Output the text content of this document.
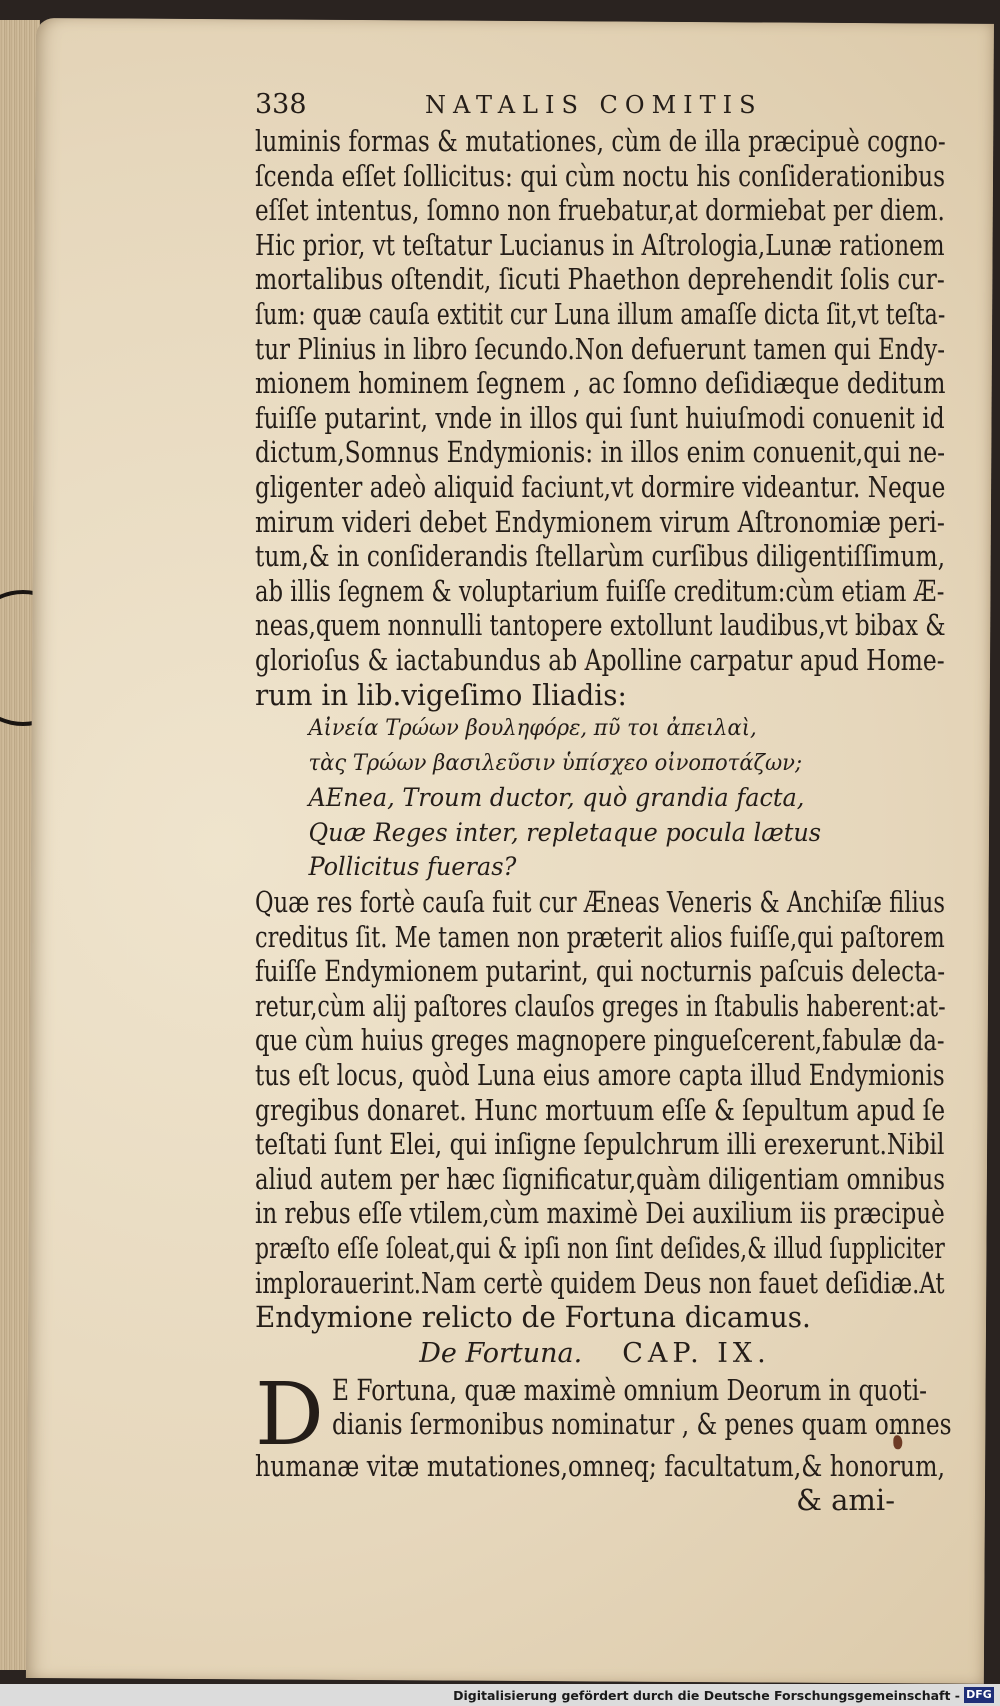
338	NATALIS COMITIS
luminis formas & mutationes, cùm de illa præcipuè cogno-
ſcenda eſſet ſollicitus: qui cùm noctu his conſiderationibus
eſſet intentus, ſomno non fruebatur,at dormiebat per diem.
Hic prior, vt teſtatur Lucianus in Aſtrologia,Lunæ rationem
mortalibus oſtendit, ſicuti Phaethon deprehendit ſolis cur-
ſum: quæ cauſa extitit cur Luna illum amaſſe dicta ſit,vt teſta-
tur Plinius in libro ſecundo.Non defuerunt tamen qui Endy-
mionem hominem ſegnem , ac ſomno deſidiæque deditum
fuiſſe putarint, vnde in illos qui ſunt huiuſmodi conuenit id
dictum,Somnus Endymionis: in illos enim conuenit,qui ne-
gligenter adeò aliquid faciunt,vt dormire videantur. Neque
mirum videri debet Endymionem virum Aſtronomiæ peri-
tum,& in conſiderandis ſtellarùm curſibus diligentiſſimum,
ab illis ſegnem & voluptarium fuiſſe creditum:cùm etiam Æ-
neas,quem nonnulli tantopere extollunt laudibus,vt bibax &
glorioſus & iactabundus ab Apolline carpatur apud Home-
rum in lib.vigeſimo Iliadis:
Αἰνεία Τρώων βουληφόρε, πῦ τοι ἀπειλαὶ,
τὰς Τρώων βασιλεῦσιν ὑπίσχεο οἰνοποτάζων;
AEnea, Troum ductor, quò grandia facta,
Quæ Reges inter, repletaque pocula lætus
Pollicitus fueras?
Quæ res fortè cauſa fuit cur Æneas Veneris & Anchiſæ filius
creditus ſit. Me tamen non præterit alios fuiſſe,qui paſtorem
fuiſſe Endymionem putarint, qui nocturnis paſcuis delecta-
retur,cùm alij paſtores clauſos greges in ſtabulis haberent:at-
que cùm huius greges magnopere pingueſcerent,fabulæ da-
tus eſt locus, quòd Luna eius amore capta illud Endymionis
gregibus donaret. Hunc mortuum eſſe & ſepultum apud ſe
teſtati ſunt Elei, qui inſigne ſepulchrum illi erexerunt.Nibil
aliud autem per hæc ſignificatur,quàm diligentiam omnibus
in rebus eſſe vtilem,cùm maximè Dei auxilium iis præcipuè
præſto eſſe ſoleat,qui & ipſi non ſint deſides,& illud ſuppliciter
implorauerint.Nam certè quidem Deus non fauet deſidiæ.At
Endymione relicto de Fortuna dicamus.
De Fortuna. CAP. IX.
D E Fortuna, quæ maximè omnium Deorum in quoti-
dianis ſermonibus nominatur , & penes quam omnes
humanæ vitæ mutationes,omneq; facultatum,& honorum,
& ami-
Digitalisierung gefördert durch die Deutsche Forschungsgemeinschaft - DFG
